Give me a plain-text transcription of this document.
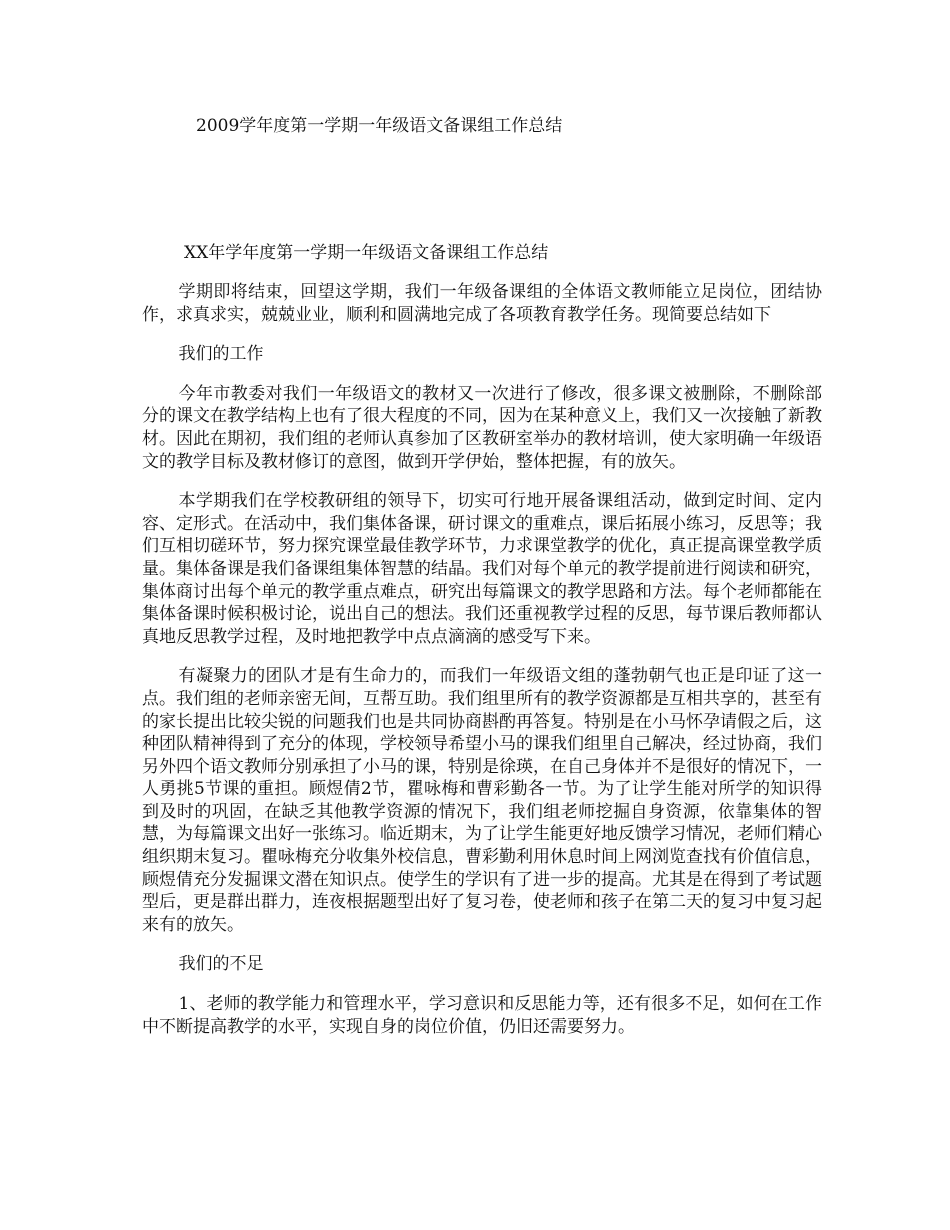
2009学年度第一学期一年级语文备课组工作总结
XX年学年度第一学期一年级语文备课组工作总结

学期即将结束，回望这学期，我们一年级备课组的全体语文教师能立足岗位，团结协作，求真求实，兢兢业业，顺利和圆满地完成了各项教育教学任务。现简要总结如下

我们的工作

今年市教委对我们一年级语文的教材又一次进行了修改，很多课文被删除，不删除部分的课文在教学结构上也有了很大程度的不同，因为在某种意义上，我们又一次接触了新教材。因此在期初，我们组的老师认真参加了区教研室举办的教材培训，使大家明确一年级语文的教学目标及教材修订的意图，做到开学伊始，整体把握，有的放矢。

本学期我们在学校教研组的领导下，切实可行地开展备课组活动，做到定时间、定内容、定形式。在活动中，我们集体备课，研讨课文的重难点，课后拓展小练习，反思等；我们互相切磋环节，努力探究课堂最佳教学环节，力求课堂教学的优化，真正提高课堂教学质量。集体备课是我们备课组集体智慧的结晶。我们对每个单元的教学提前进行阅读和研究，集体商讨出每个单元的教学重点难点，研究出每篇课文的教学思路和方法。每个老师都能在集体备课时候积极讨论，说出自己的想法。我们还重视教学过程的反思，每节课后教师都认真地反思教学过程，及时地把教学中点点滴滴的感受写下来。

有凝聚力的团队才是有生命力的，而我们一年级语文组的蓬勃朝气也正是印证了这一点。我们组的老师亲密无间，互帮互助。我们组里所有的教学资源都是互相共享的，甚至有的家长提出比较尖锐的问题我们也是共同协商斟酌再答复。特别是在小马怀孕请假之后，这种团队精神得到了充分的体现，学校领导希望小马的课我们组里自己解决，经过协商，我们另外四个语文教师分别承担了小马的课，特别是徐瑛，在自己身体并不是很好的情况下，一人勇挑5节课的重担。顾煜倩2节，瞿咏梅和曹彩勤各一节。为了让学生能对所学的知识得到及时的巩固，在缺乏其他教学资源的情况下，我们组老师挖掘自身资源，依靠集体的智慧，为每篇课文出好一张练习。临近期末，为了让学生能更好地反馈学习情况，老师们精心组织期末复习。瞿咏梅充分收集外校信息，曹彩勤利用休息时间上网浏览查找有价值信息，顾煜倩充分发掘课文潜在知识点。使学生的学识有了进一步的提高。尤其是在得到了考试题型后，更是群出群力，连夜根据题型出好了复习卷，使老师和孩子在第二天的复习中复习起来有的放矢。

我们的不足

1、老师的教学能力和管理水平，学习意识和反思能力等，还有很多不足，如何在工作中不断提高教学的水平，实现自身的岗位价值，仍旧还需要努力。
